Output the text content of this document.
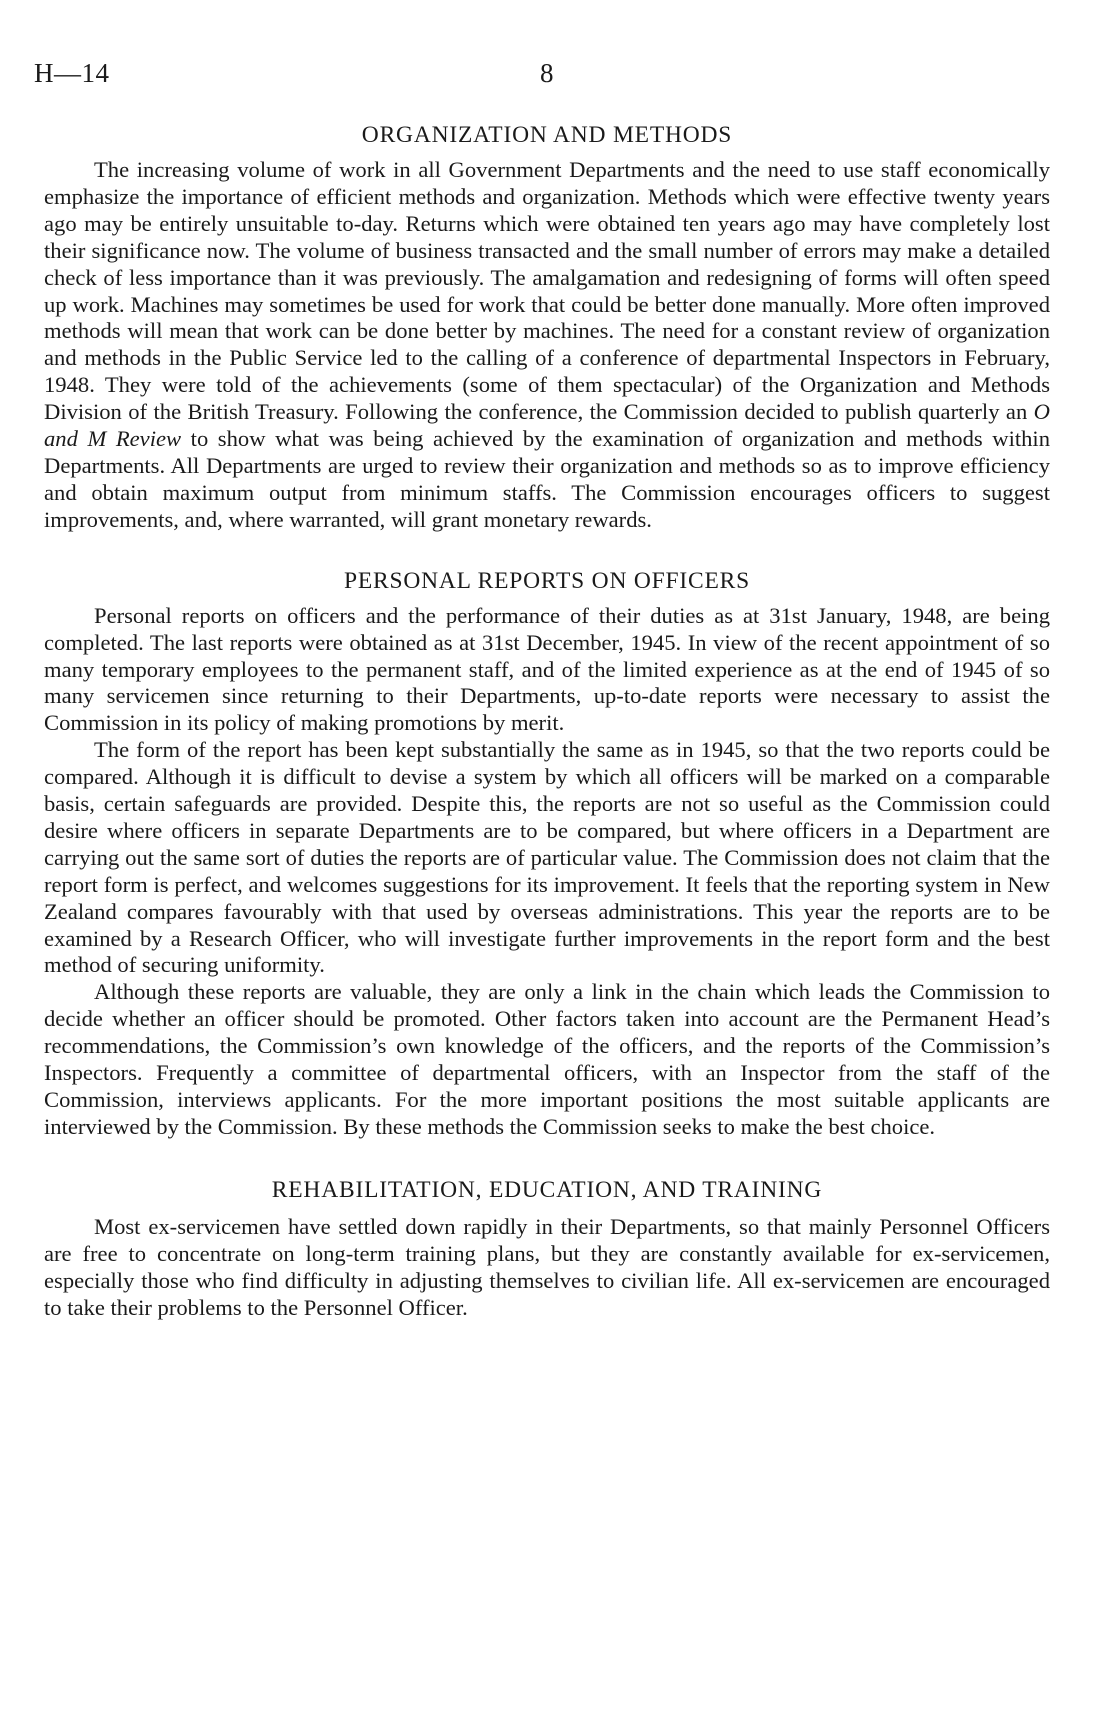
H—14	8
ORGANIZATION AND METHODS

The increasing volume of work in all Government Departments and the need to use staff economically emphasize the importance of efficient methods and organization. Methods which were effective twenty years ago may be entirely unsuitable to-day. Returns which were obtained ten years ago may have completely lost their significance now. The volume of business transacted and the small number of errors may make a detailed check of less importance than it was previously. The amalgamation and redesigning of forms will often speed up work. Machines may sometimes be used for work that could be better done manually. More often improved methods will mean that work can be done better by machines. The need for a constant review of organization and methods in the Public Service led to the calling of a conference of departmental Inspectors in February, 1948. They were told of the achievements (some of them spectacular) of the Organization and Methods Division of the British Treasury. Following the conference, the Commission decided to publish quarterly an O and M Review to show what was being achieved by the examination of organization and methods within Departments. All Departments are urged to review their organization and methods so as to improve efficiency and obtain maximum output from minimum staffs. The Commission encourages officers to suggest improvements, and, where warranted, will grant monetary rewards.

PERSONAL REPORTS ON OFFICERS

Personal reports on officers and the performance of their duties as at 31st January, 1948, are being completed. The last reports were obtained as at 31st December, 1945. In view of the recent appointment of so many temporary employees to the permanent staff, and of the limited experience as at the end of 1945 of so many servicemen since returning to their Departments, up-to-date reports were necessary to assist the Commission in its policy of making promotions by merit.

The form of the report has been kept substantially the same as in 1945, so that the two reports could be compared. Although it is difficult to devise a system by which all officers will be marked on a comparable basis, certain safeguards are provided. Despite this, the reports are not so useful as the Commission could desire where officers in separate Departments are to be compared, but where officers in a Department are carrying out the same sort of duties the reports are of particular value. The Commission does not claim that the report form is perfect, and welcomes suggestions for its improvement. It feels that the reporting system in New Zealand compares favourably with that used by overseas administrations. This year the reports are to be examined by a Research Officer, who will investigate further improvements in the report form and the best method of securing uniformity.

Although these reports are valuable, they are only a link in the chain which leads the Commission to decide whether an officer should be promoted. Other factors taken into account are the Permanent Head’s recommendations, the Commission’s own knowledge of the officers, and the reports of the Commission’s Inspectors. Frequently a committee of departmental officers, with an Inspector from the staff of the Commission, interviews applicants. For the more important positions the most suitable applicants are interviewed by the Commission. By these methods the Commission seeks to make the best choice.

REHABILITATION, EDUCATION, AND TRAINING

Most ex-servicemen have settled down rapidly in their Departments, so that mainly Personnel Officers are free to concentrate on long-term training plans, but they are constantly available for ex-servicemen, especially those who find difficulty in adjusting themselves to civilian life. All ex-servicemen are encouraged to take their problems to the Personnel Officer.
